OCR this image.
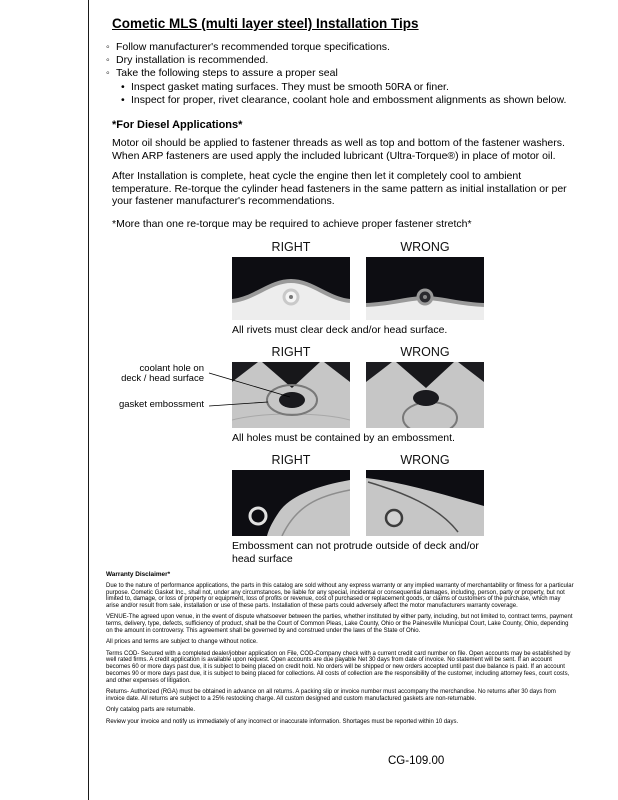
Cometic MLS (multi layer steel) Installation Tips
◦ Follow manufacturer's recommended torque specifications.
◦ Dry installation is recommended.
◦ Take the following steps to assure a proper seal
• Inspect gasket mating surfaces. They must be smooth 50RA or finer.
• Inspect for proper, rivet clearance, coolant hole and embossment alignments as shown below.
*For Diesel Applications*

Motor oil should be applied to fastener threads as well as top and bottom of the fastener washers. When ARP fasteners are used apply the included lubricant (Ultra-Torque®) in place of motor oil.

After Installation is complete, heat cycle the engine then let it completely cool to ambient temperature. Re-torque the cylinder head fasteners in the same pattern as initial installation or per your fastener manufacturer's recommendations.

*More than one re-torque may be required to achieve proper fastener stretch*
coolant hole on
deck / head surface
gasket embossment
RIGHT	WRONG
All rivets must clear deck and/or head surface.
RIGHT	WRONG
All holes must be contained by an embossment.
RIGHT	WRONG
Embossment can not protrude outside of deck and/or head surface
Warranty Disclaimer*

Due to the nature of performance applications, the parts in this catalog are sold without any express warranty or any implied warranty of merchantability or fitness for a particular purpose. Cometic Gasket Inc., shall not, under any circumstances, be liable for any special, incidental or consequential damages, including, person, party or property, but not limited to, damage, or loss of property or equipment, loss of profits or revenue, cost of purchased or replacement goods, or claims of customers of the purchase, which may arise and/or result from sale, installation or use of these parts. Installation of these parts could adversely affect the motor manufacturers warranty coverage.

VENUE-The agreed upon venue, in the event of dispute whatsoever between the parties, whether instituted by either party, including, but not limited to, contract terms, payment terms, delivery, type, defects, sufficiency of product, shall be the Court of Common Pleas, Lake County, Ohio or the Painesville Municipal Court, Lake County, Ohio, depending on the amount in controversy. This agreement shall be governed by and construed under the laws of the State of Ohio.

All prices and terms are subject to change without notice.

Terms COD- Secured with a completed dealer/jobber application on File, COD-Company check with a current credit card number on file. Open accounts may be established by well rated firms. A credit application is available upon request. Open accounts are due payable Net 30 days from date of invoice. No statement will be sent. If an account becomes 60 or more days past due, it is subject to being placed on credit hold. No orders will be shipped or new orders accepted until past due balance is paid. If an account becomes 90 or more days past due, it is subject to being placed for collections. All costs of collection are the responsibility of the customer, including attorney fees, court costs, and other expenses of litigation.

Returns- Authorized (RGA) must be obtained in advance on all returns. A packing slip or invoice number must accompany the merchandise. No returns after 30 days from invoice date. All returns are subject to a 25% restocking charge. All custom designed and custom manufactured gaskets are non-returnable.

Only catalog parts are returnable.

Review your invoice and notify us immediately of any incorrect or inaccurate information. Shortages must be reported within 10 days.

CG-109.00
